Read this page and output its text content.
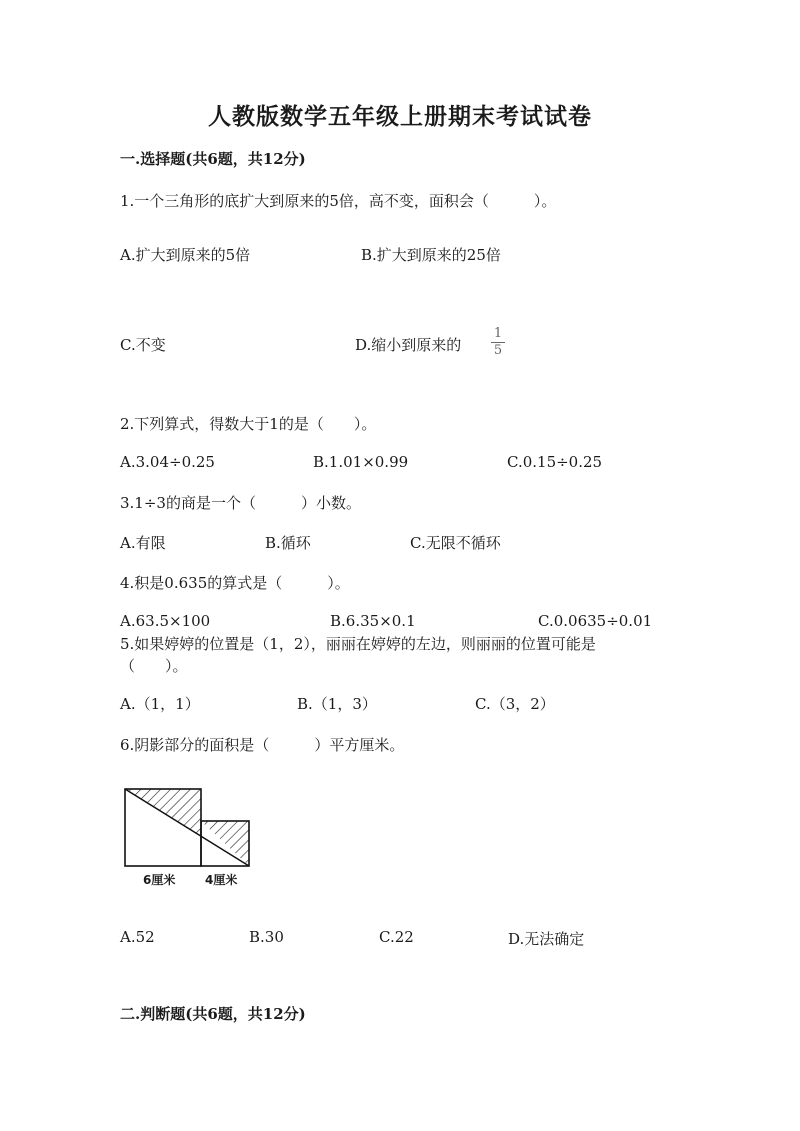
人教版数学五年级上册期末考试试卷
一.选择题(共6题，共12分)
1.一个三角形的底扩大到原来的5倍，高不变，面积会（　　　）。
A.扩大到原来的5倍	B.扩大到原来的25倍
C.不变	D.缩小到原来的
1
5
2.下列算式，得数大于1的是（　　）。
A.3.04÷0.25	B.1.01×0.99	C.0.15÷0.25
3.1÷3的商是一个（　　　）小数。
A.有限	B.循环	C.无限不循环
4.积是0.635的算式是（　　　）。
A.63.5×100	B.6.35×0.1	C.0.0635÷0.01
5.如果婷婷的位置是（1，2），丽丽在婷婷的左边，则丽丽的位置可能是
（　　）。
A.（1，1）	B.（1，3）	C.（3，2）
6.阴影部分的面积是（　　　）平方厘米。
6厘米 4厘米
A.52	B.30	C.22	D.无法确定
二.判断题(共6题，共12分)
